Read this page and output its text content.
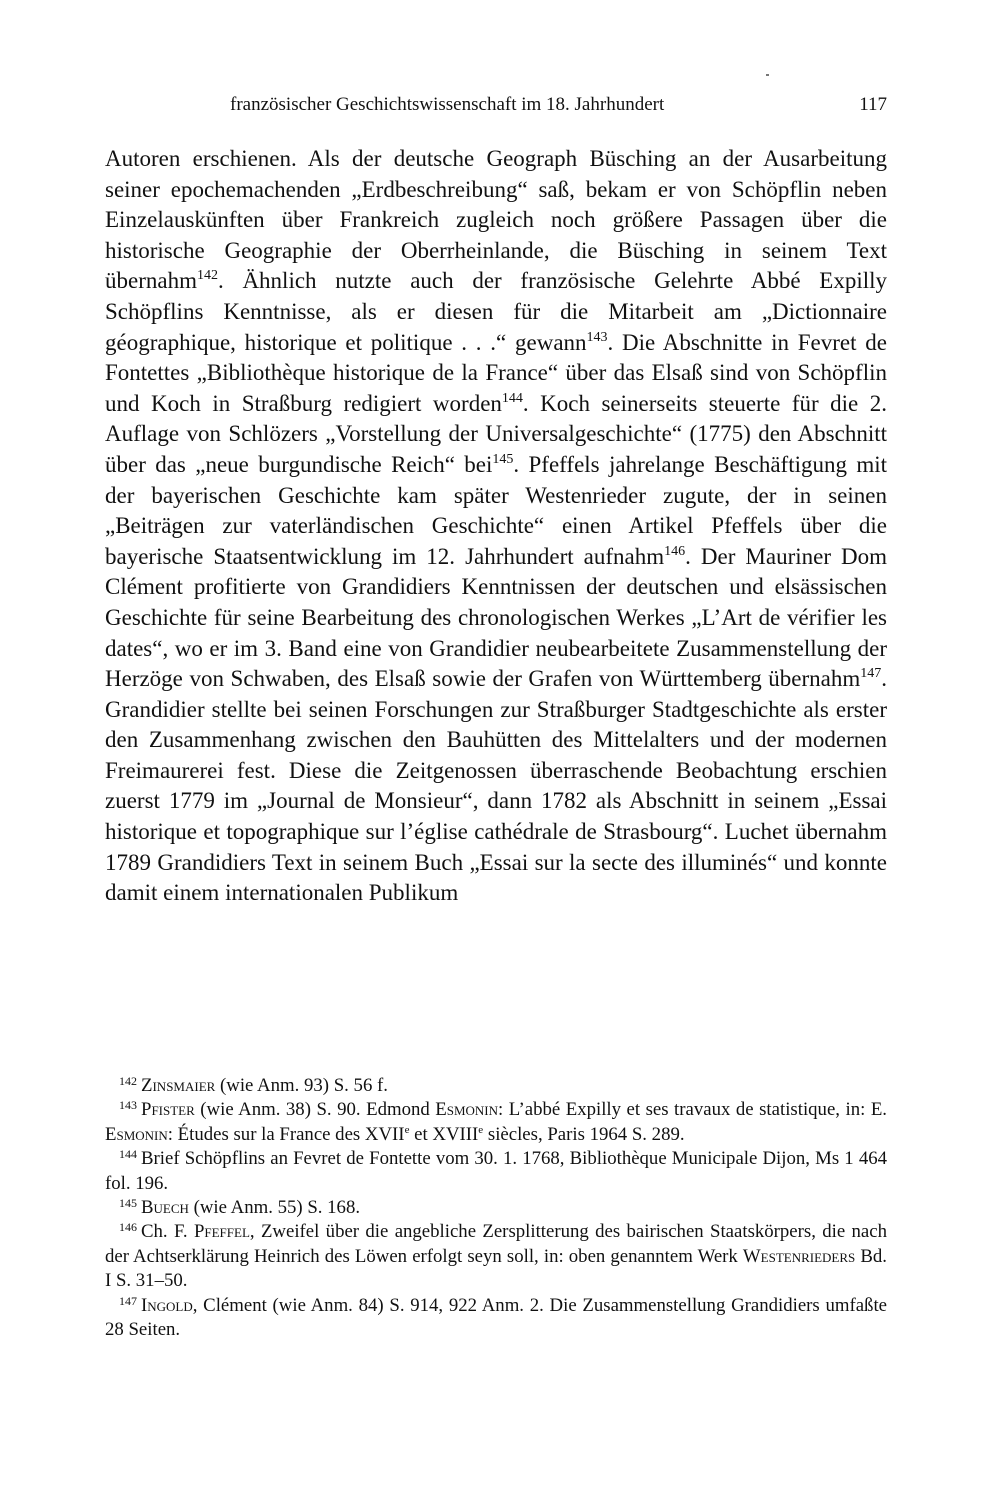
französischer Geschichtswissenschaft im 18. Jahrhundert	117
Autoren erschienen. Als der deutsche Geograph Büsching an der Ausarbeitung seiner epochemachenden „Erdbeschreibung“ saß, bekam er von Schöpflin neben Einzelauskünften über Frankreich zugleich noch größere Passagen über die historische Geographie der Oberrheinlande, die Büsching in seinem Text übernahm$^{142}$. Ähnlich nutzte auch der französische Gelehrte Abbé Expilly Schöpflins Kenntnisse, als er diesen für die Mitarbeit am „Dictionnaire géographique, historique et politique . . .“ gewann$^{143}$. Die Abschnitte in Fevret de Fontettes „Bibliothèque historique de la France“ über das Elsaß sind von Schöpflin und Koch in Straßburg redigiert worden$^{144}$. Koch seinerseits steuerte für die 2. Auflage von Schlözers „Vorstellung der Universalgeschichte“ (1775) den Abschnitt über das „neue burgundische Reich“ bei$^{145}$. Pfeffels jahrelange Beschäftigung mit der bayerischen Geschichte kam später Westenrieder zugute, der in seinen „Beiträgen zur vaterländischen Geschichte“ einen Artikel Pfeffels über die bayerische Staatsentwicklung im 12. Jahrhundert aufnahm$^{146}$. Der Mauriner Dom Clément profitierte von Grandidiers Kenntnissen der deutschen und elsässischen Geschichte für seine Bearbeitung des chronologischen Werkes „L’Art de vérifier les dates“, wo er im 3. Band eine von Grandidier neubearbeitete Zusammenstellung der Herzöge von Schwaben, des Elsaß sowie der Grafen von Württemberg übernahm$^{147}$. Grandidier stellte bei seinen Forschungen zur Straßburger Stadtgeschichte als erster den Zusammenhang zwischen den Bauhütten des Mittelalters und der modernen Freimaurerei fest. Diese die Zeitgenossen überraschende Beobachtung erschien zuerst 1779 im „Journal de Monsieur“, dann 1782 als Abschnitt in seinem „Essai historique et topographique sur l’église cathédrale de Strasbourg“. Luchet übernahm 1789 Grandidiers Text in seinem Buch „Essai sur la secte des illuminés“ und konnte damit einem internationalen Publikum

$^{142}$ Zinsmaier (wie Anm. 93) S. 56 f.

$^{143}$ Pfister (wie Anm. 38) S. 90. Edmond Esmonin: L’abbé Expilly et ses travaux de statistique, in: E. Esmonin: Études sur la France des XVIIe et XVIIIe siècles, Paris 1964 S. 289.

$^{144}$ Brief Schöpflins an Fevret de Fontette vom 30. 1. 1768, Bibliothèque Municipale Dijon, Ms 1 464 fol. 196.

$^{145}$ Buech (wie Anm. 55) S. 168.

$^{146}$ Ch. F. Pfeffel, Zweifel über die angebliche Zersplitterung des bairischen Staatskörpers, die nach der Achtserklärung Heinrich des Löwen erfolgt seyn soll, in: oben genanntem Werk Westenrieders Bd. I S. 31–50.

$^{147}$ Ingold, Clément (wie Anm. 84) S. 914, 922 Anm. 2. Die Zusammenstellung Grandidiers umfaßte 28 Seiten.
